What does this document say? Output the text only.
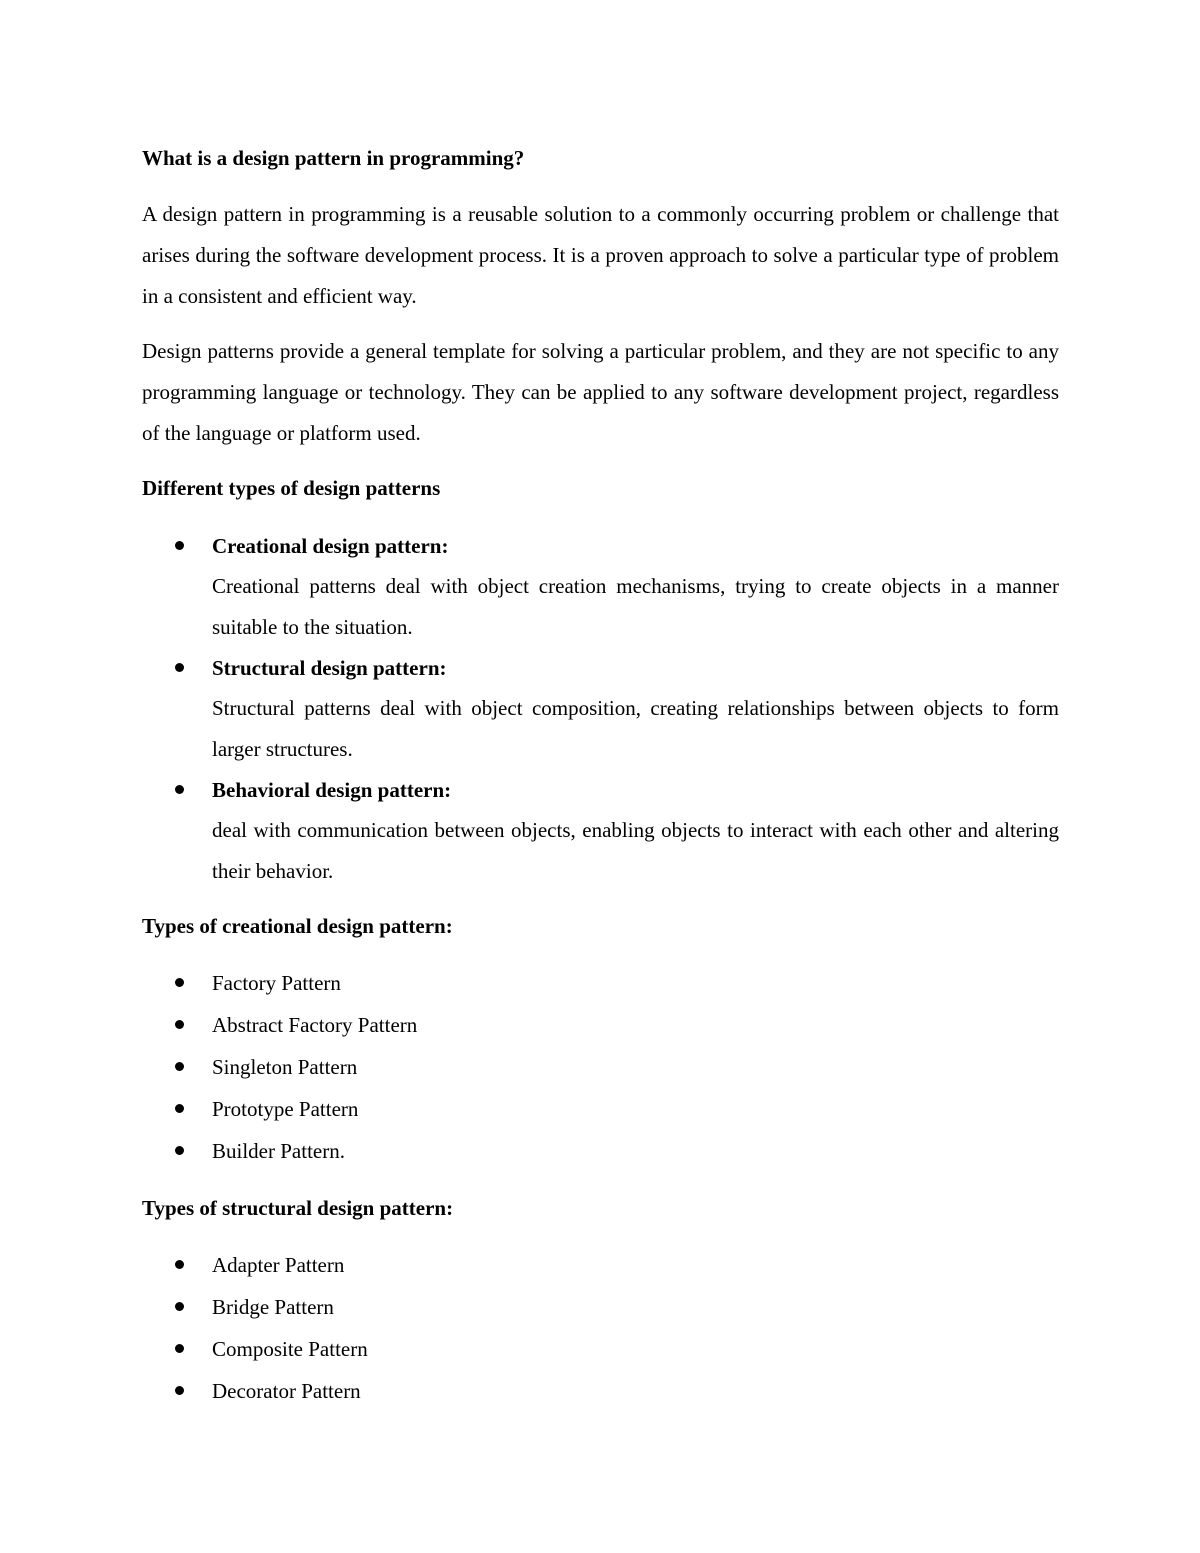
What is a design pattern in programming?

A design pattern in programming is a reusable solution to a commonly occurring problem or challenge that arises during the software development process. It is a proven approach to solve a particular type of problem in a consistent and efficient way.

Design patterns provide a general template for solving a particular problem, and they are not specific to any programming language or technology. They can be applied to any software development project, regardless of the language or platform used.

Different types of design patterns

Creational design pattern:
Creational patterns deal with object creation mechanisms, trying to create objects in a manner suitable to the situation.
Structural design pattern:
Structural patterns deal with object composition, creating relationships between objects to form larger structures.
Behavioral design pattern:
deal with communication between objects, enabling objects to interact with each other and altering their behavior.

Types of creational design pattern:

Factory Pattern
Abstract Factory Pattern
Singleton Pattern
Prototype Pattern
Builder Pattern.

Types of structural design pattern:

Adapter Pattern
Bridge Pattern
Composite Pattern
Decorator Pattern
